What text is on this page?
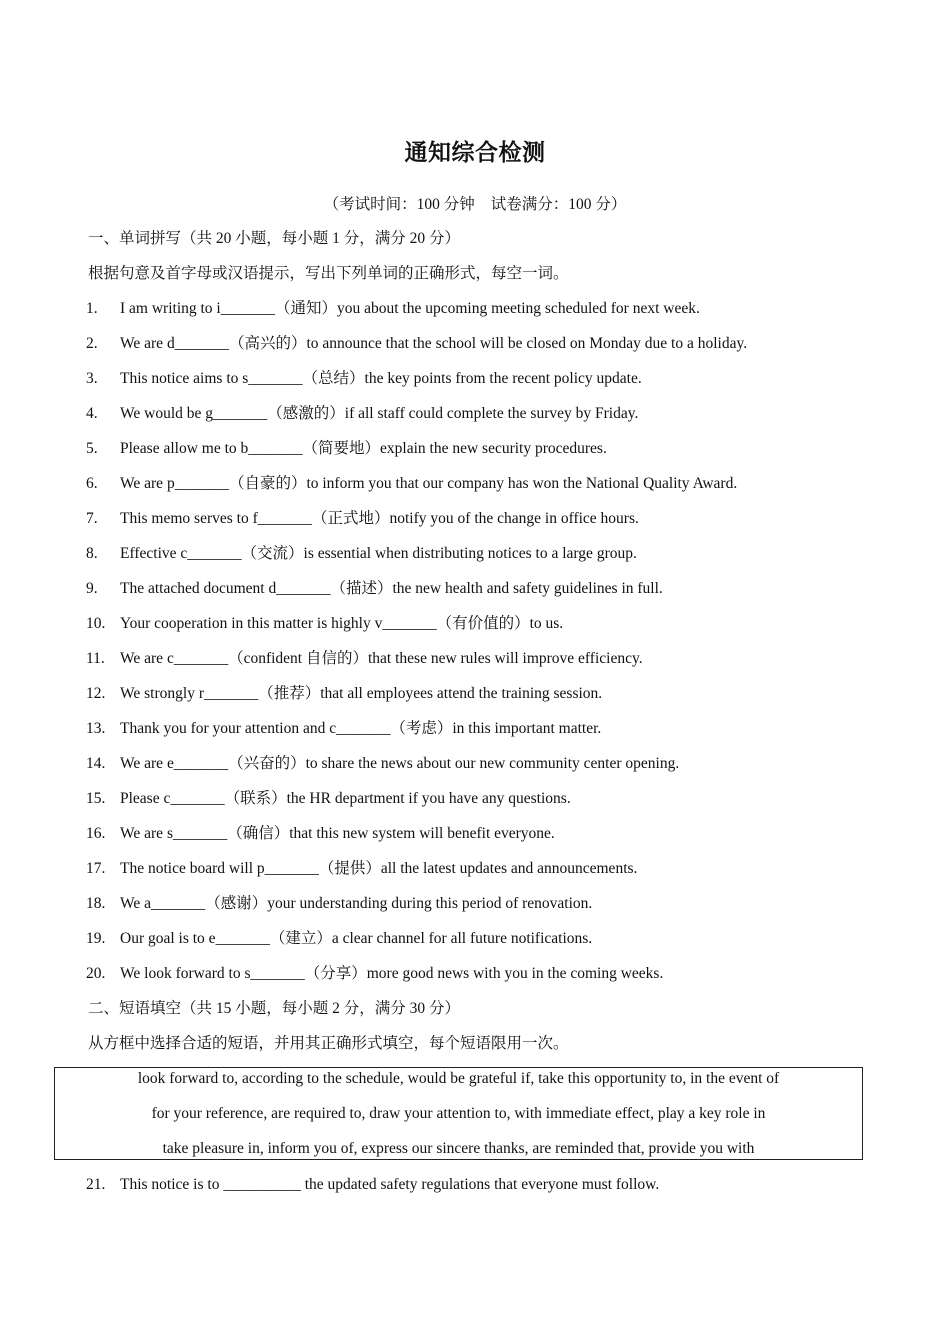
通知综合检测
（考试时间：100 分钟 试卷满分：100 分）
一、单词拼写（共 20 小题，每小题 1 分，满分 20 分）
根据句意及首字母或汉语提示，写出下列单词的正确形式，每空一词。
1. I am writing to i_______（通知）you about the upcoming meeting scheduled for next week.
2. We are d_______（高兴的）to announce that the school will be closed on Monday due to a holiday.
3. This notice aims to s_______（总结）the key points from the recent policy update.
4. We would be g_______（感激的）if all staff could complete the survey by Friday.
5. Please allow me to b_______（简要地）explain the new security procedures.
6. We are p_______（自豪的）to inform you that our company has won the National Quality Award.
7. This memo serves to f_______（正式地）notify you of the change in office hours.
8. Effective c_______（交流）is essential when distributing notices to a large group.
9. The attached document d_______（描述）the new health and safety guidelines in full.
10. Your cooperation in this matter is highly v_______（有价值的）to us.
11. We are c_______（confident 自信的）that these new rules will improve efficiency.
12. We strongly r_______（推荐）that all employees attend the training session.
13. Thank you for your attention and c_______（考虑）in this important matter.
14. We are e_______（兴奋的）to share the news about our new community center opening.
15. Please c_______（联系）the HR department if you have any questions.
16. We are s_______（确信）that this new system will benefit everyone.
17. The notice board will p_______（提供）all the latest updates and announcements.
18. We a_______（感谢）your understanding during this period of renovation.
19. Our goal is to e_______（建立）a clear channel for all future notifications.
20. We look forward to s_______（分享）more good news with you in the coming weeks.
二、短语填空（共 15 小题，每小题 2 分，满分 30 分）
从方框中选择合适的短语，并用其正确形式填空，每个短语限用一次。
look forward to, according to the schedule, would be grateful if, take this opportunity to, in the event of
for your reference, are required to, draw your attention to, with immediate effect, play a key role in
take pleasure in, inform you of, express our sincere thanks, are reminded that, provide you with
21. This notice is to __________ the updated safety regulations that everyone must follow.
